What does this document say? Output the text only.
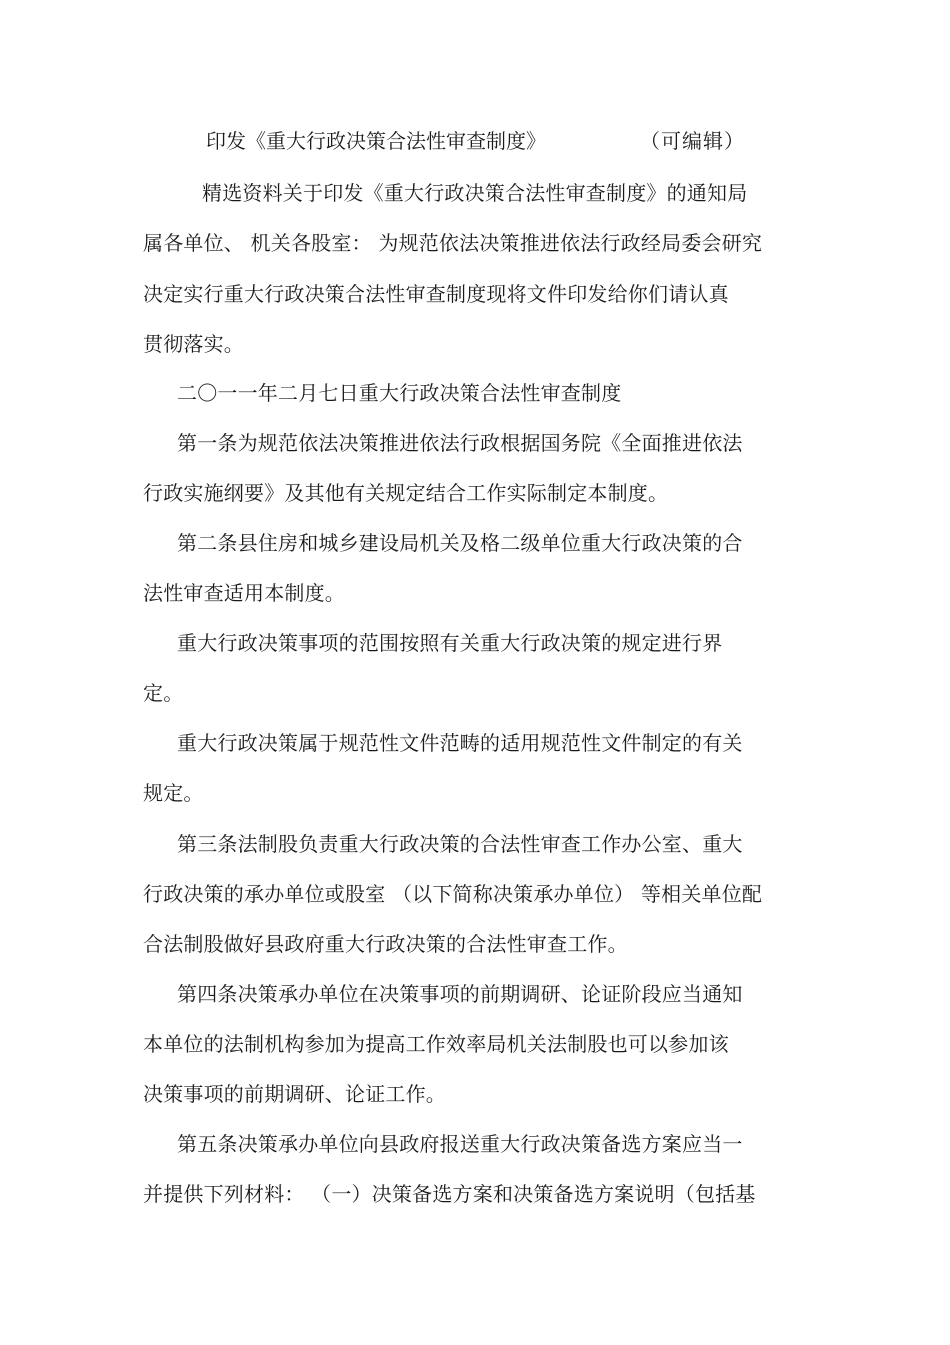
印发《重大行政决策合法性审查制度》	（可编辑）
精选资料关于印发《重大行政决策合法性审查制度》的通知局
属各单位、 机关各股室： 为规范依法决策推进依法行政经局委会研究
决定实行重大行政决策合法性审查制度现将文件印发给你们请认真
贯彻落实。
二〇一一年二月七日重大行政决策合法性审查制度
第一条为规范依法决策推进依法行政根据国务院《全面推进依法
行政实施纲要》及其他有关规定结合工作实际制定本制度。
第二条县住房和城乡建设局机关及格二级单位重大行政决策的合
法性审查适用本制度。
重大行政决策事项的范围按照有关重大行政决策的规定进行界
定。
重大行政决策属于规范性文件范畴的适用规范性文件制定的有关
规定。
第三条法制股负责重大行政决策的合法性审查工作办公室、重大
行政决策的承办单位或股室 （以下简称决策承办单位） 等相关单位配
合法制股做好县政府重大行政决策的合法性审查工作。
第四条决策承办单位在决策事项的前期调研、论证阶段应当通知
本单位的法制机构参加为提高工作效率局机关法制股也可以参加该
决策事项的前期调研、论证工作。
第五条决策承办单位向县政府报送重大行政决策备选方案应当一
并提供下列材料： （一）决策备选方案和决策备选方案说明（包括基
